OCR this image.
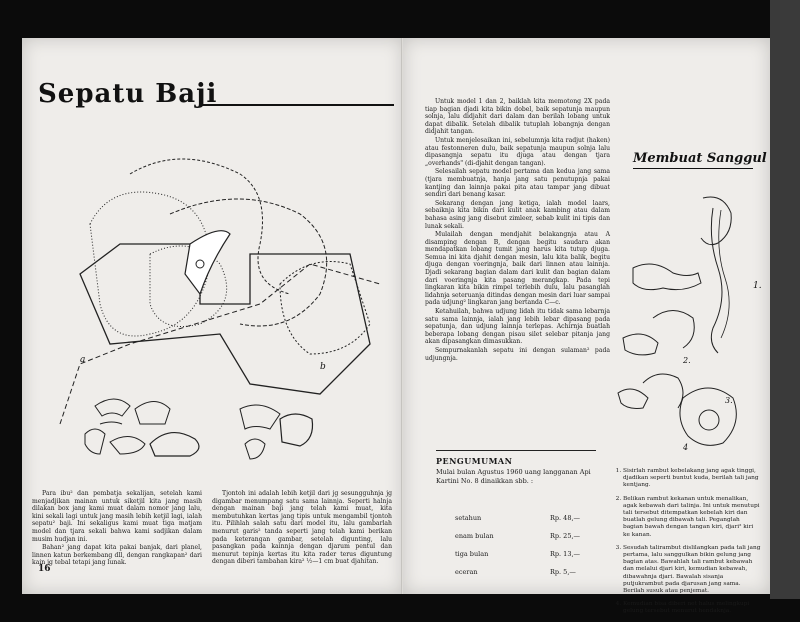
Sepatu Baji
a
b

Para ibu² dan pembatja sekalijan, setelah kami menjadjikan mainan untuk siketjil kita jang masih dilakan box jang kami muat dalam nomor jang lalu, kini sekali lagi untuk jang masih lebih ketjil lagi, ialah sepatu² baji. Ini sekaligus kami muat tiga matjam model dan tjara sekali bahwa kami sadjikan dalam musim hudjan ini.

Bahan² jang dapat kita pakai banjak, dari planel, linnen katun berkembang dll, dengan rangkapan² dari kain jg tebal tetapi jang lunak.

Tjontoh ini adalah lebih ketjil dari jg sesungguhnja jg digambar menumpang satu sama lainnja. Seperti halnja dengan mainan baji jang telah kami muat, kita membutuhkan kertas jang tipis untuk mengambil tjontoh itu. Pilihlah salah satu dari model itu, lalu gambarlah menurut garis² tanda seperti jang telah kami berikan pada keterangan gambar, setelah digunting, lalu pasangkan pada kainnja dengan djarum pentul dan menurut tepinja kertas itu kita rader terus diguntung dengan diberi tambahan kira² ½—1 cm buat djahitan.

16

Untuk model 1 dan 2, baiklah kita memotong 2X pada tiap bagian djadi kita bikin dobel, baik sepatunja maupun solnja, lalu didjahit dari dalam dan berilah lobang untuk dapat dibalik. Setelah dibalik tutuplah lobangnja dengan didjahit tangan.

Untuk menjelesaikan ini, sebelumnja kita radjut (haken) atau festonneren dulu, baik sepatunja maupun solnja lalu dipasangnja sepatu itu djuga atau dengan tjara „overhands" (di-djahit dengan tangan).

Selesailah sepatu model pertama dan kedua jang sama (tjara membuatnja, hanja jang satu penutupnja pakai kantjing dan lainnja pakai pita atau tampar jang dibuat sendiri dari benang kasar.

Sekarang dengan jang ketiga, ialah model laars, sebaiknja kita bikin dari kulit anak kambing atau dalam bahasa asing jang disebut zimleer, sebab kulit ini tipis dan lunak sekali.

Mulailah dengan mendjahit belakangnja atau A disamping dengan B, dengan begitu saudara akan mendapatkan lobang tumit jang harus kita tutup djuga. Semua ini kita djahit dengan mesin, lalu kita balik, begitu djuga dengan voeringnja, baik dari linnen atau lainnja. Djadi sekarang bagian dalam dari kulit dan bagian dalam dari voeringnja kita pasang merangkap. Pada tepi lingkaran kita bikin rimpel terlebih dulu, lalu pasanglah lidahnja seteruanja ditindas dengan mesin dari luar sampai pada udjung² lingkaran jang bertanda C—c.

Ketahuilah, bahwa udjung lidah itu tidak sama lebarnja satu sama lainnja, ialah jang lebih lebar dipasang pada sepatunja, dan udjung lainnja terlepas. Achirnja buatlah beberapa lobang dengan pisau silet selebar pitanja jang akan dipasangkan dimasukkan.

Sempurnakanlah sepatu ini dengan sulaman² pada udjungnja.

PENGUMUMAN
Mulai bulan Agustus 1960 uang langganan Api Kartini No. 8 dinaikkan sbb. :
setahun	Rp. 48,—
enam bulan	Rp. 25,—
tiga bulan	Rp. 13,—
eceran	Rp. 5,—
Membuat Sanggul
1.
2.
3.
4
1. Sisirlah rambut kebelakang jang agak tinggi, djadikan seperti buntut kuda, berilah tali jang kentjang.
2. Belikan rambut kekanan untuk menalikan, agak kebawah dari talinja. Ini untuk menutupi tali tersebut ditempatkan kebelah kiri dan buatlah gelung dibawah tali. Peganglah bagian bawah dengan tangan kiri, djari² kiri ke kanan.
3. Sesudah talirambut dislilangkan pada tali jang pertama, lalu sanggulkan bikin gelung jang bagian atas. Bawahlah tali rambut kebawah dan melalui djari kiri, kemudian kebawah, dibawahnja djari. Bawalah sisanja putjukrambut pada djarusan jang sama. Berilah susuk atau penjemat.
4. Kemudian bisa diberi net halus melingkupi gelung tersebut menurut hendaknja.
